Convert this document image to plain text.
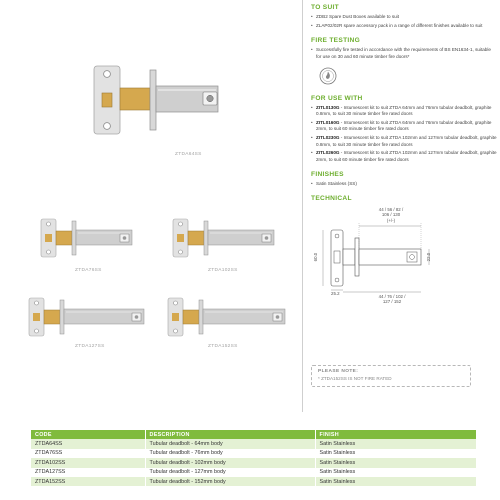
ZTDA64SS
ZTDA76SS	ZTDA102SS
ZTDA127SS	ZTDA152SS
TO SUIT
• ZDB2 Spare Dust Boxes available to suit
• ZLAP02/02R spare accessory pack in a range of different finishes available to suit
FIRE TESTING
• Successfully fire tested in accordance with the requirements of BS EN1634-1, suitable for use on 30 and 60 minute timber fire doors*
FOR USE WITH
• ZITL0130G - Intumescent kit to suit ZTDA 64mm and 76mm tubular deadbolt, graphite 0.8mm, to suit 30 minute timber fire rated doors
• ZITL0160G - Intumescent kit to suit ZTDA 64mm and 76mm tubular deadbolt, graphite 2mm, to suit 60 minute timber fire rated doors
• ZITL0230G - Intumescent kit to suit ZTDA 102mm and 127mm tubular deadbolt, graphite 0.8mm, to suit 30 minute timber fire rated doors
• ZITL0260G - Intumescent kit to suit ZTDA 102mm and 127mm tubular deadbolt, graphite 2mm, to suit 60 minute timber fire rated doors
FINISHES
• Satin Stainless (SS)
TECHNICAL
44 / 56 / 82 /
106 / 130
(+/-)
60.0	22.0
25.2
44 / 76 / 102 /
127 / 152
PLEASE NOTE:
* ZTDA152SS IS NOT FIRE RATED
CODE	DESCRIPTION	FINISH
ZTDA64SS	Tubular deadbolt - 64mm body	Satin Stainless
ZTDA76SS	Tubular deadbolt - 76mm body	Satin Stainless
ZTDA102SS	Tubular deadbolt - 102mm body	Satin Stainless
ZTDA127SS	Tubular deadbolt - 127mm body	Satin Stainless
ZTDA152SS	Tubular deadbolt - 152mm body	Satin Stainless
